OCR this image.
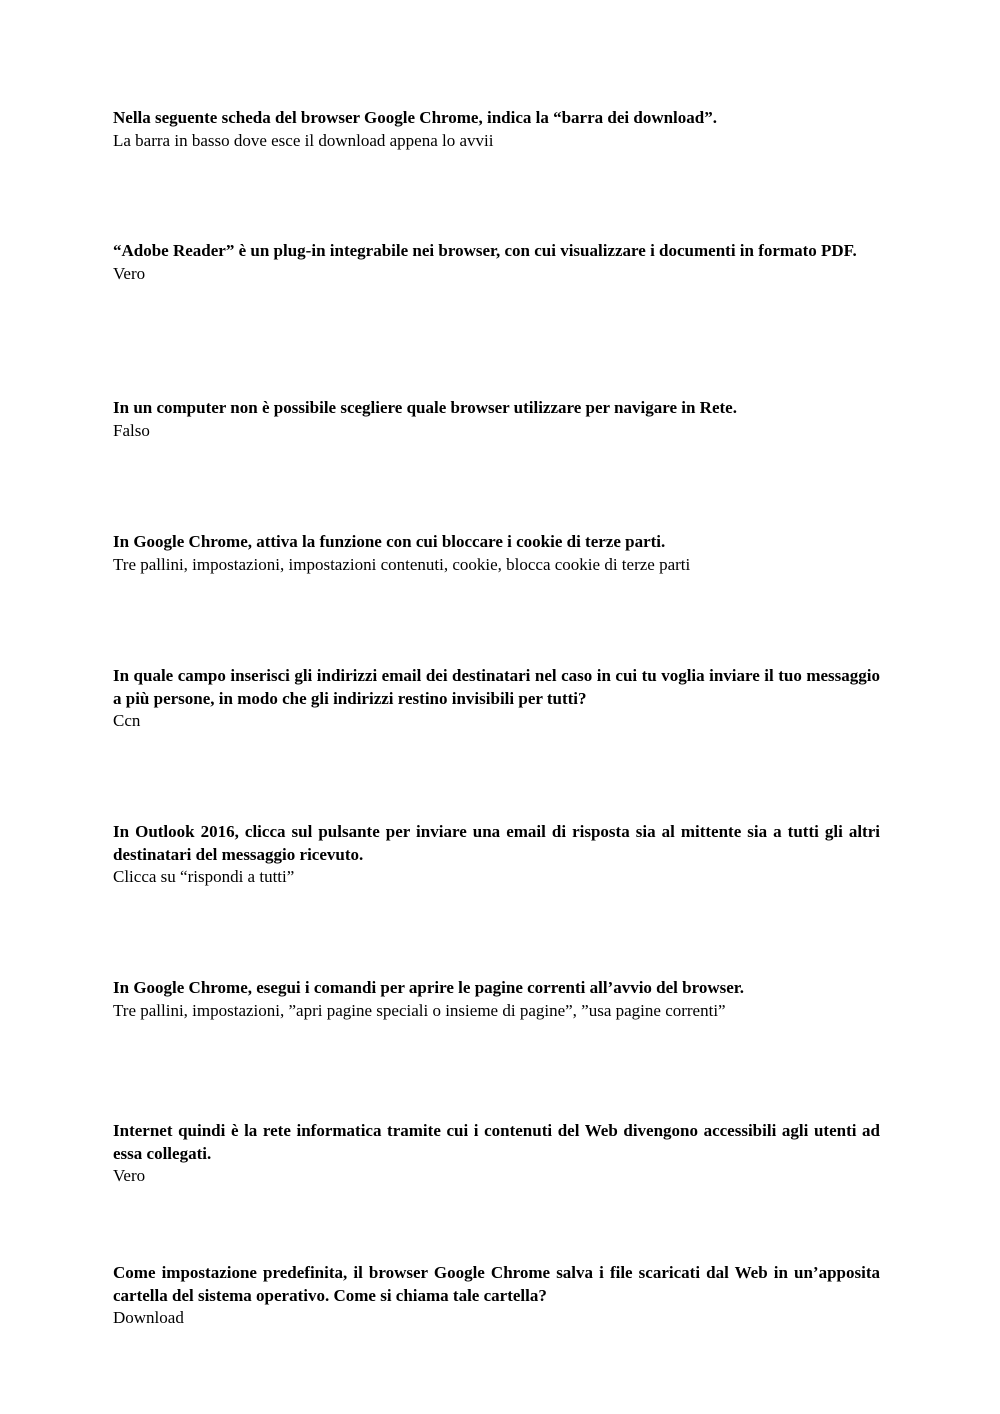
Nella seguente scheda del browser Google Chrome, indica la “barra dei download”.

La barra in basso dove esce il download appena lo avvii

“Adobe Reader” è un plug-in integrabile nei browser, con cui visualizzare i documenti in formato PDF.

Vero

In un computer non è possibile scegliere quale browser utilizzare per navigare in Rete.

Falso

In Google Chrome, attiva la funzione con cui bloccare i cookie di terze parti.

Tre pallini, impostazioni, impostazioni contenuti, cookie, blocca cookie di terze parti

In quale campo inserisci gli indirizzi email dei destinatari nel caso in cui tu voglia inviare il tuo messaggio a più persone, in modo che gli indirizzi restino invisibili per tutti?

Ccn

In Outlook 2016, clicca sul pulsante per inviare una email di risposta sia al mittente sia a tutti gli altri destinatari del messaggio ricevuto.

Clicca su “rispondi a tutti”

In Google Chrome, esegui i comandi per aprire le pagine correnti all’avvio del browser.

Tre pallini, impostazioni, ”apri pagine speciali o insieme di pagine”, ”usa pagine correnti”

Internet quindi è la rete informatica tramite cui i contenuti del Web divengono accessibili agli utenti ad essa collegati.

Vero

Come impostazione predefinita, il browser Google Chrome salva i file scaricati dal Web in un’apposita cartella del sistema operativo. Come si chiama tale cartella?

Download
